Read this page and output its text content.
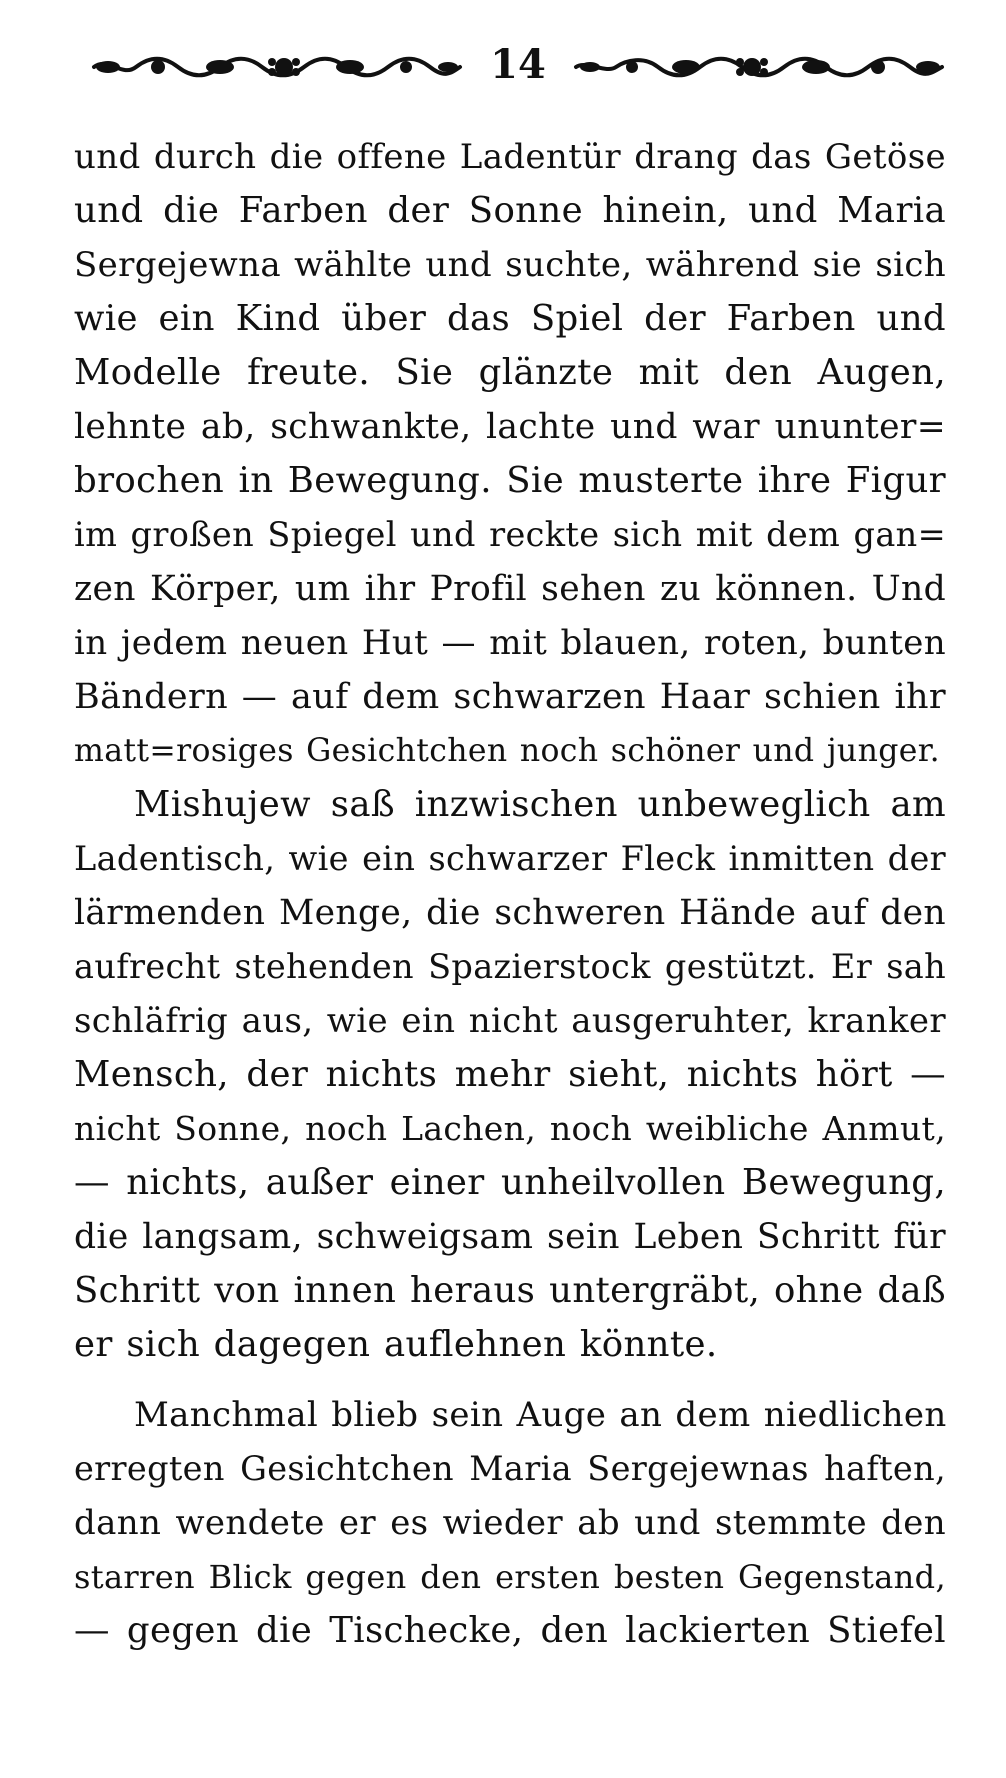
14
und durch die offene Ladentür drang das Getöse
und die Farben der Sonne hinein, und Maria
Sergejewna wählte und suchte, während sie sich
wie ein Kind über das Spiel der Farben und
Modelle freute. Sie glänzte mit den Augen,
lehnte ab, schwankte, lachte und war ununter=
brochen in Bewegung. Sie musterte ihre Figur
im großen Spiegel und reckte sich mit dem gan=
zen Körper, um ihr Profil sehen zu können. Und
in jedem neuen Hut — mit blauen, roten, bunten
Bändern — auf dem schwarzen Haar schien ihr
matt=rosiges Gesichtchen noch schöner und junger.
Mishujew saß inzwischen unbeweglich am
Ladentisch, wie ein schwarzer Fleck inmitten der
lärmenden Menge, die schweren Hände auf den
aufrecht stehenden Spazierstock gestützt. Er sah
schläfrig aus, wie ein nicht ausgeruhter, kranker
Mensch, der nichts mehr sieht, nichts hört —
nicht Sonne, noch Lachen, noch weibliche Anmut,
— nichts, außer einer unheilvollen Bewegung,
die langsam, schweigsam sein Leben Schritt für
Schritt von innen heraus untergräbt, ohne daß
er sich dagegen auflehnen könnte.
Manchmal blieb sein Auge an dem niedlichen
erregten Gesichtchen Maria Sergejewnas haften,
dann wendete er es wieder ab und stemmte den
starren Blick gegen den ersten besten Gegenstand,
— gegen die Tischecke, den lackierten Stiefel
